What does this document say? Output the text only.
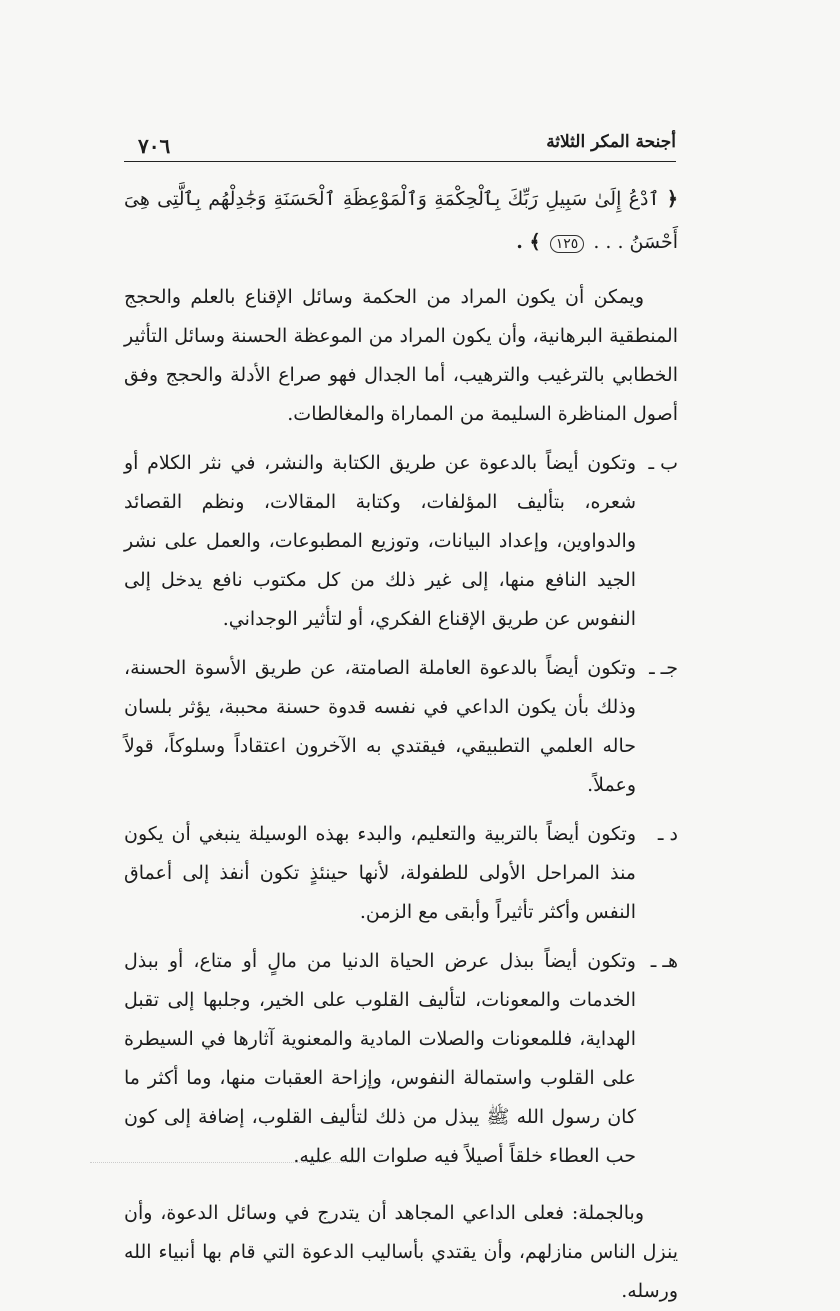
أجنحة المكر الثلاثة
٧٠٦

﴿ ٱدْعُ إِلَىٰ سَبِيلِ رَبِّكَ بِٱلْحِكْمَةِ وَٱلْمَوْعِظَةِ ٱلْحَسَنَةِ وَجَٰدِلْهُم بِٱلَّتِى هِىَ أَحْسَنُ . . . ١٢٥ ﴾ .

ويمكن أن يكون المراد من الحكمة وسائل الإقناع بالعلم والحجج المنطقية البرهانية، وأن يكون المراد من الموعظة الحسنة وسائل التأثير الخطابي بالترغيب والترهيب، أما الجدال فهو صراع الأدلة والحجج وفق أصول المناظرة السليمة من المماراة والمغالطات.

ب ـ
وتكون أيضاً بالدعوة عن طريق الكتابة والنشر، في نثر الكلام أو شعره، بتأليف المؤلفات، وكتابة المقالات، ونظم القصائد والدواوين، وإعداد البيانات، وتوزيع المطبوعات، والعمل على نشر الجيد النافع منها، إلى غير ذلك من كل مكتوب نافع يدخل إلى النفوس عن طريق الإقناع الفكري، أو لتأثير الوجداني.
جـ ـ
وتكون أيضاً بالدعوة العاملة الصامتة، عن طريق الأسوة الحسنة، وذلك بأن يكون الداعي في نفسه قدوة حسنة محببة، يؤثر بلسان حاله العلمي التطبيقي، فيقتدي به الآخرون اعتقاداً وسلوكاً، قولاً وعملاً.
د ـ
وتكون أيضاً بالتربية والتعليم، والبدء بهذه الوسيلة ينبغي أن يكون منذ المراحل الأولى للطفولة، لأنها حينئذٍ تكون أنفذ إلى أعماق النفس وأكثر تأثيراً وأبقى مع الزمن.
هـ ـ
وتكون أيضاً ببذل عرض الحياة الدنيا من مالٍ أو متاع، أو ببذل الخدمات والمعونات، لتأليف القلوب على الخير، وجلبها إلى تقبل الهداية، فللمعونات والصلات المادية والمعنوية آثارها في السيطرة على القلوب واستمالة النفوس، وإزاحة العقبات منها، وما أكثر ما كان رسول الله ﷺ يبذل من ذلك لتأليف القلوب، إضافة إلى كون حب العطاء خلقاً أصيلاً فيه صلوات الله عليه.

وبالجملة: فعلى الداعي المجاهد أن يتدرج في وسائل الدعوة، وأن ينزل الناس منازلهم، وأن يقتدي بأساليب الدعوة التي قام بها أنبياء الله ورسله.
